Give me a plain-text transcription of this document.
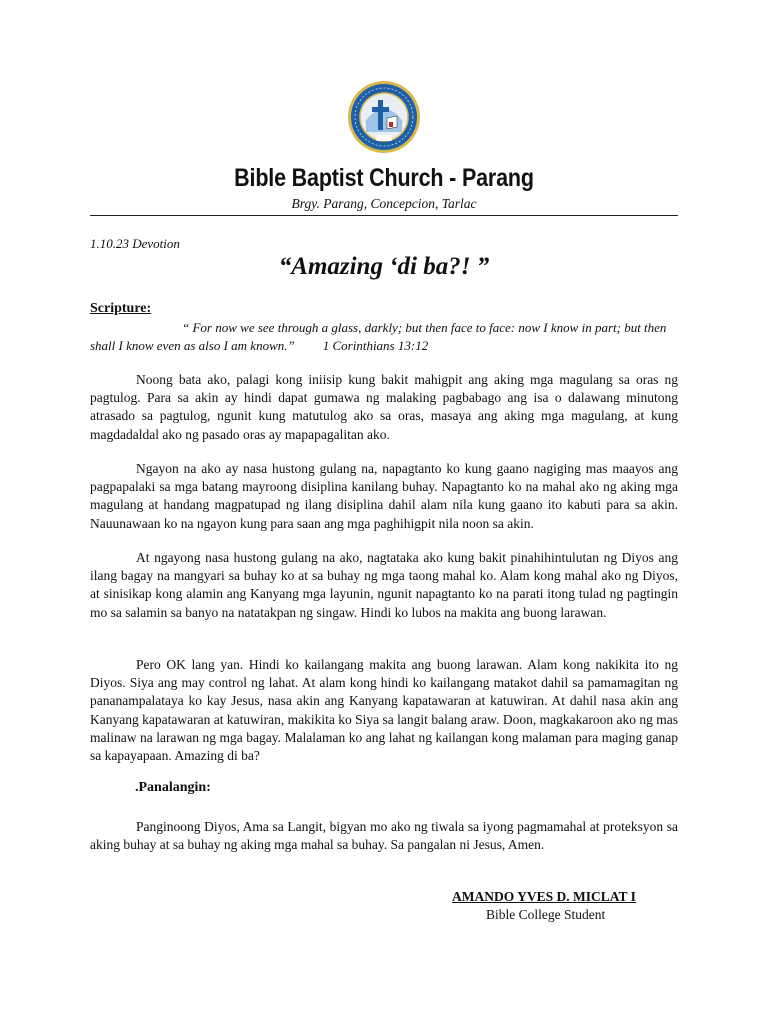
Bible Baptist Church - Parang
Brgy. Parang, Concepcion, Tarlac
1.10.23 Devotion
“Amazing ‘di ba?! ”
Scripture:
“ For now we see through a glass, darkly; but then face to face: now I know in part; but then shall I know even as also I am known.” 1 Corinthians 13:12
Noong bata ako, palagi kong iniisip kung bakit mahigpit ang aking mga magulang sa oras ng pagtulog. Para sa akin ay hindi dapat gumawa ng malaking pagbabago ang isa o dalawang minutong atrasado sa pagtulog, ngunit kung matutulog ako sa oras, masaya ang aking mga magulang, at kung magdadaldal ako ng pasado oras ay mapapagalitan ako.
Ngayon na ako ay nasa hustong gulang na, napagtanto ko kung gaano nagiging mas maayos ang pagpapalaki sa mga batang mayroong disiplina kanilang buhay. Napagtanto ko na mahal ako ng aking mga magulang at handang magpatupad ng ilang disiplina dahil alam nila kung gaano ito kabuti para sa akin. Nauunawaan ko na ngayon kung para saan ang mga paghihigpit nila noon sa akin.
At ngayong nasa hustong gulang na ako, nagtataka ako kung bakit pinahihintulutan ng Diyos ang ilang bagay na mangyari sa buhay ko at sa buhay ng mga taong mahal ko. Alam kong mahal ako ng Diyos, at sinisikap kong alamin ang Kanyang mga layunin, ngunit napagtanto ko na parati itong tulad ng pagtingin mo sa salamin sa banyo na natatakpan ng singaw. Hindi ko lubos na makita ang buong larawan.
Pero OK lang yan. Hindi ko kailangang makita ang buong larawan. Alam kong nakikita ito ng Diyos. Siya ang may control ng lahat. At alam kong hindi ko kailangang matakot dahil sa pamamagitan ng pananampalataya ko kay Jesus, nasa akin ang Kanyang kapatawaran at katuwiran. At dahil nasa akin ang Kanyang kapatawaran at katuwiran, makikita ko Siya sa langit balang araw. Doon, magkakaroon ako ng mas malinaw na larawan ng mga bagay. Malalaman ko ang lahat ng kailangan kong malaman para maging ganap sa kapayapaan. Amazing di ba?
.Panalangin:
Panginoong Diyos, Ama sa Langit, bigyan mo ako ng tiwala sa iyong pagmamahal at proteksyon sa aking buhay at sa buhay ng aking mga mahal sa buhay. Sa pangalan ni Jesus, Amen.
AMANDO YVES D. MICLAT I
Bible College Student
